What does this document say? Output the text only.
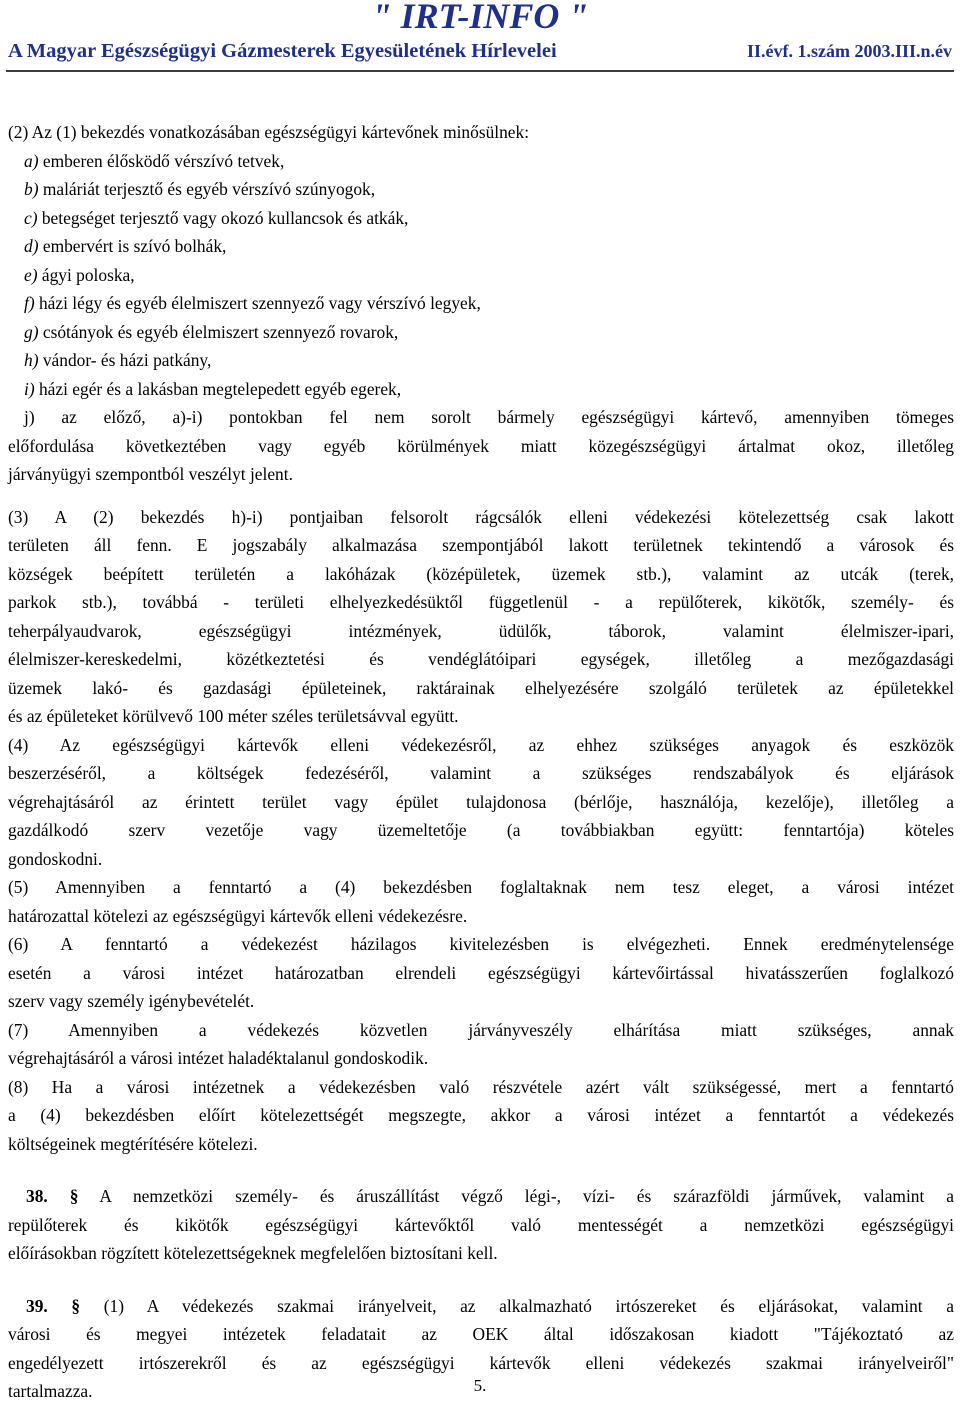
" IRT-INFO "
A Magyar Egészségügyi Gázmesterek Egyesületének Hírlevelei	II.évf. 1.szám 2003.III.n.év
(2) Az (1) bekezdés vonatkozásában egészségügyi kártevőnek minősülnek:
a) emberen élősködő vérszívó tetvek,
b) maláriát terjesztő és egyéb vérszívó szúnyogok,
c) betegséget terjesztő vagy okozó kullancsok és atkák,
d) embervért is szívó bolhák,
e) ágyi poloska,
f) házi légy és egyéb élelmiszert szennyező vagy vérszívó legyek,
g) csótányok és egyéb élelmiszert szennyező rovarok,
h) vándor- és házi patkány,
i) házi egér és a lakásban megtelepedett egyéb egerek,
j) az előző, a)-i) pontokban fel nem sorolt bármely egészségügyi kártevő, amennyiben tömeges
előfordulása következtében vagy egyéb körülmények miatt közegészségügyi ártalmat okoz, illetőleg
járványügyi szempontból veszélyt jelent.
(3) A (2) bekezdés h)-i) pontjaiban felsorolt rágcsálók elleni védekezési kötelezettség csak lakott
területen áll fenn. E jogszabály alkalmazása szempontjából lakott területnek tekintendő a városok és
községek beépített területén a lakóházak (középületek, üzemek stb.), valamint az utcák (terek,
parkok stb.), továbbá - területi elhelyezkedésüktől függetlenül - a repülőterek, kikötők, személy- és
teherpályaudvarok, egészségügyi intézmények, üdülők, táborok, valamint élelmiszer-ipari,
élelmiszer-kereskedelmi, közétkeztetési és vendéglátóipari egységek, illetőleg a mezőgazdasági
üzemek lakó- és gazdasági épületeinek, raktárainak elhelyezésére szolgáló területek az épületekkel
és az épületeket körülvevő 100 méter széles területsávval együtt.
(4) Az egészségügyi kártevők elleni védekezésről, az ehhez szükséges anyagok és eszközök
beszerzéséről, a költségek fedezéséről, valamint a szükséges rendszabályok és eljárások
végrehajtásáról az érintett terület vagy épület tulajdonosa (bérlője, használója, kezelője), illetőleg a
gazdálkodó szerv vezetője vagy üzemeltetője (a továbbiakban együtt: fenntartója) köteles
gondoskodni.
(5) Amennyiben a fenntartó a (4) bekezdésben foglaltaknak nem tesz eleget, a városi intézet
határozattal kötelezi az egészségügyi kártevők elleni védekezésre.
(6) A fenntartó a védekezést házilagos kivitelezésben is elvégezheti. Ennek eredménytelensége
esetén a városi intézet határozatban elrendeli egészségügyi kártevőirtással hivatásszerűen foglalkozó
szerv vagy személy igénybevételét.
(7) Amennyiben a védekezés közvetlen járványveszély elhárítása miatt szükséges, annak
végrehajtásáról a városi intézet haladéktalanul gondoskodik.
(8) Ha a városi intézetnek a védekezésben való részvétele azért vált szükségessé, mert a fenntartó
a (4) bekezdésben előírt kötelezettségét megszegte, akkor a városi intézet a fenntartót a védekezés
költségeinek megtérítésére kötelezi.
38. § A nemzetközi személy- és áruszállítást végző légi-, vízi- és szárazföldi járművek, valamint a
repülőterek és kikötők egészségügyi kártevőktől való mentességét a nemzetközi egészségügyi
előírásokban rögzített kötelezettségeknek megfelelően biztosítani kell.
39. § (1) A védekezés szakmai irányelveit, az alkalmazható irtószereket és eljárásokat, valamint a
városi és megyei intézetek feladatait az OEK által időszakosan kiadott "Tájékoztató az
engedélyezett irtószerekről és az egészségügyi kártevők elleni védekezés szakmai irányelveiről"
tartalmazza.	5.
